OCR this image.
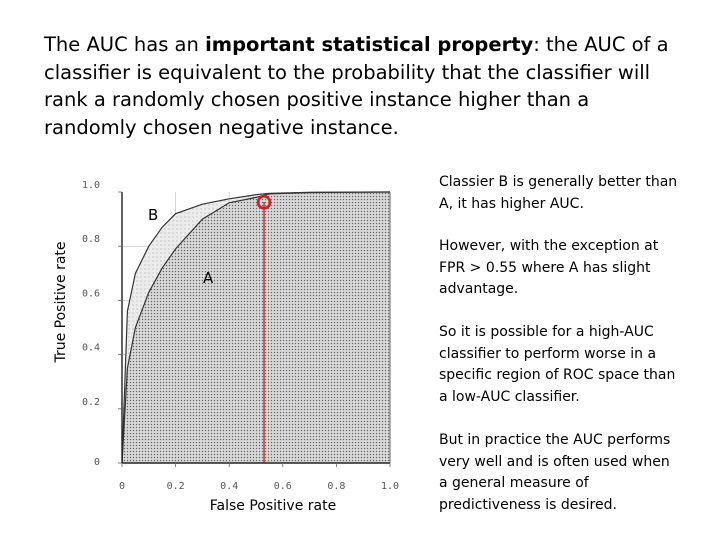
The AUC has an important statistical property: the AUC of a classifier is equivalent to the probability that the classifier will rank a randomly chosen positive instance higher than a randomly chosen negative instance.

0	0.2	0.4	0.6	0.8	1.0
0
0.2
0.4
0.6
0.8
1.0
B
A
False Positive rate
True Positive rate

Classier B is generally better than A, it has higher AUC.

However, with the exception at FPR > 0.55 where A has slight advantage.

So it is possible for a high-AUC classifier to perform worse in a specific region of ROC space than a low-AUC classifier.

But in practice the AUC performs very well and is often used when a general measure of predictiveness is desired.
